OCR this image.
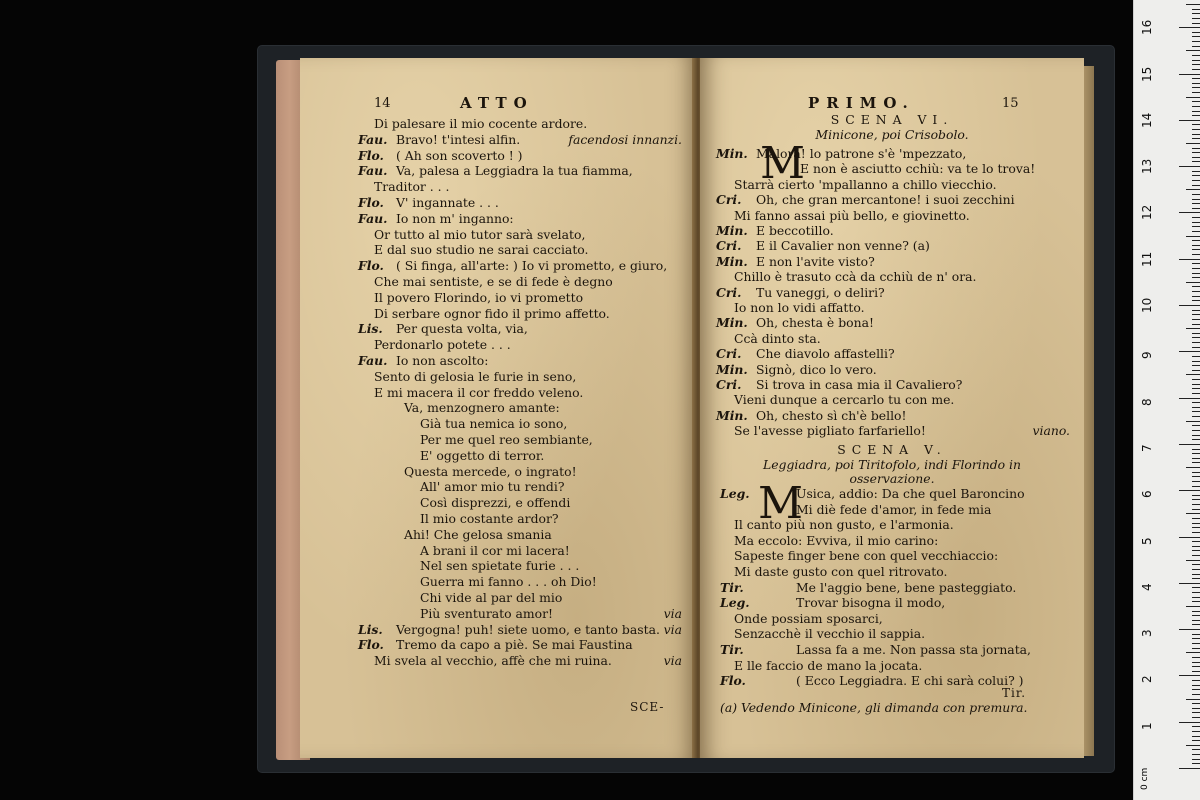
14	ATTO
Di palesare il mio cocente ardore.
Fau. Bravo! t'intesi alfin.	facendosi innanzi.
Flo. ( Ah son scoverto ! )
Fau. Va, palesa a Leggiadra la tua fiamma,
Traditor . . .
Flo. V' ingannate . . .
Fau. Io non m' inganno:
Or tutto al mio tutor sarà svelato,
E dal suo studio ne sarai cacciato.
Flo. ( Si finga, all'arte: ) Io vi prometto, e giuro,
Che mai sentiste, e se di fede è degno
Il povero Florindo, io vi prometto
Di serbare ognor fido il primo affetto.
Lis. Per questa volta, via,
Perdonarlo potete . . .
Fau. Io non ascolto:
Sento di gelosia le furie in seno,
E mi macera il cor freddo veleno.
Va, menzognero amante:
Già tua nemica io sono,
Per me quel reo sembiante,
E' oggetto di terror.
Questa mercede, o ingrato!
All' amor mio tu rendi?
Così disprezzi, e offendi
Il mio costante ardor?
Ahi! Che gelosa smania
A brani il cor mi lacera!
Nel sen spietate furie . . .
Guerra mi fanno . . . oh Dio!
Chi vide al par del mio
Più sventurato amor!	via
Lis. Vergogna! puh! siete uomo, e tanto basta. via
Flo. Tremo da capo a piè. Se mai Faustina
Mi svela al vecchio, affè che mi ruina.	via
SCE-
PRIMO.	15
SCENA VI.
Minicone, poi Crisobolo.
M
Min. Malora! lo patrone s'è 'mpezzato,
E non è asciutto cchiù: va te lo trova!
Starrà cierto 'mpallanno a chillo viecchio.
Cri. Oh, che gran mercantone! i suoi zecchini
Mi fanno assai più bello, e giovinetto.
Min. E beccotillo.
Cri. E il Cavalier non venne? (a)
Min. E non l'avite visto?
Chillo è trasuto ccà da cchiù de n' ora.
Cri. Tu vaneggi, o deliri?
Io non lo vidi affatto.
Min. Oh, chesta è bona!
Ccà dinto sta.
Cri. Che diavolo affastelli?
Min. Signò, dico lo vero.
Cri. Si trova in casa mia il Cavaliero?
Vieni dunque a cercarlo tu con me.
Min. Oh, chesto sì ch'è bello!
Se l'avesse pigliato farfariello!	viano.
SCENA V.
Leggiadra, poi Tiritofolo, indi Florindo in
osservazione.
M
Leg.	Usica, addio: Da che quel Baroncino
Mi diè fede d'amor, in fede mia
Il canto più non gusto, e l'armonia.
Ma eccolo: Evviva, il mio carino:
Sapeste finger bene con quel vecchiaccio:
Mi daste gusto con quel ritrovato.
Tir.	Me l'aggio bene, bene pasteggiato.
Leg.	Trovar bisogna il modo,
Onde possiam sposarci,
Senzacchè il vecchio il sappia.
Tir.	Lassa fa a me. Non passa sta jornata,
E lle faccio de mano la jocata.
Flo.	( Ecco Leggiadra. E chi sarà colui? )
Tir.
(a) Vedendo Minicone, gli dimanda con premura.
0 cm
1
2
3
4
5
6
7
8
9
10
11
12
13
14
15
16
